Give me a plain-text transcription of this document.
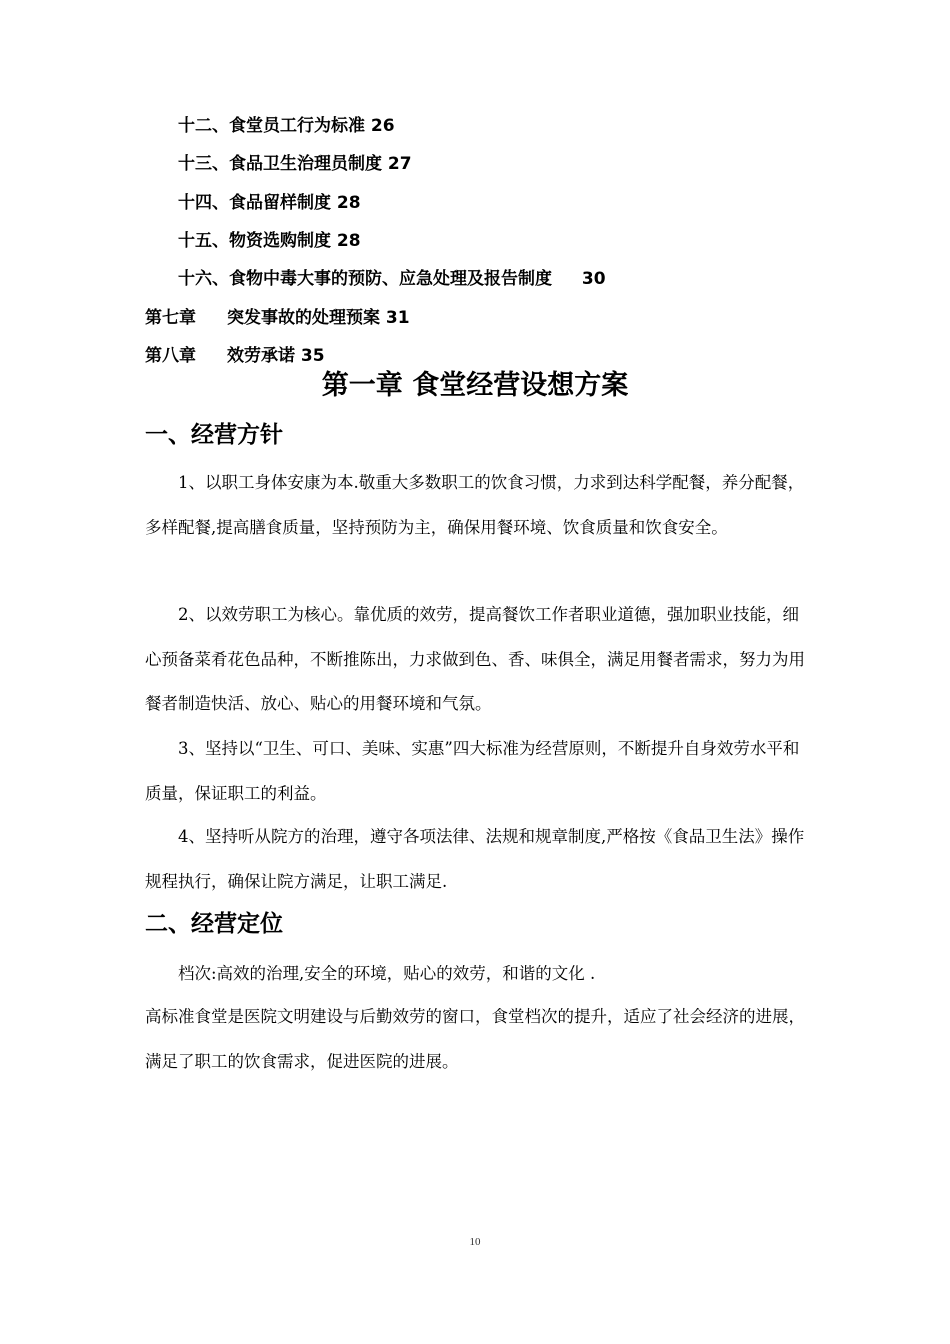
十二、食堂员工行为标准 26
十三、食品卫生治理员制度 27
十四、食品留样制度 28
十五、物资选购制度 28
十六、食物中毒大事的预防、应急处理及报告制度 30
第七章 突发事故的处理预案 31
第八章 效劳承诺 35
第一章 食堂经营设想方案
一、经营方针

1、以职工身体安康为本.敬重大多数职工的饮食习惯，力求到达科学配餐，养分配餐，多样配餐,提高膳食质量，坚持预防为主，确保用餐环境、饮食质量和饮食安全。

2、以效劳职工为核心。靠优质的效劳，提高餐饮工作者职业道德，强加职业技能，细心预备菜肴花色品种，不断推陈出，力求做到色、香、味俱全，满足用餐者需求，努力为用餐者制造快活、放心、贴心的用餐环境和气氛。

3、坚持以“卫生、可口、美味、实惠”四大标准为经营原则，不断提升自身效劳水平和质量，保证职工的利益。

4、坚持听从院方的治理，遵守各项法律、法规和规章制度,严格按《食品卫生法》操作规程执行，确保让院方满足，让职工满足.

二、经营定位
档次:高效的治理,安全的环境，贴心的效劳，和谐的文化 .

高标准食堂是医院文明建设与后勤效劳的窗口，食堂档次的提升，适应了社会经济的进展，满足了职工的饮食需求，促进医院的进展。

10
